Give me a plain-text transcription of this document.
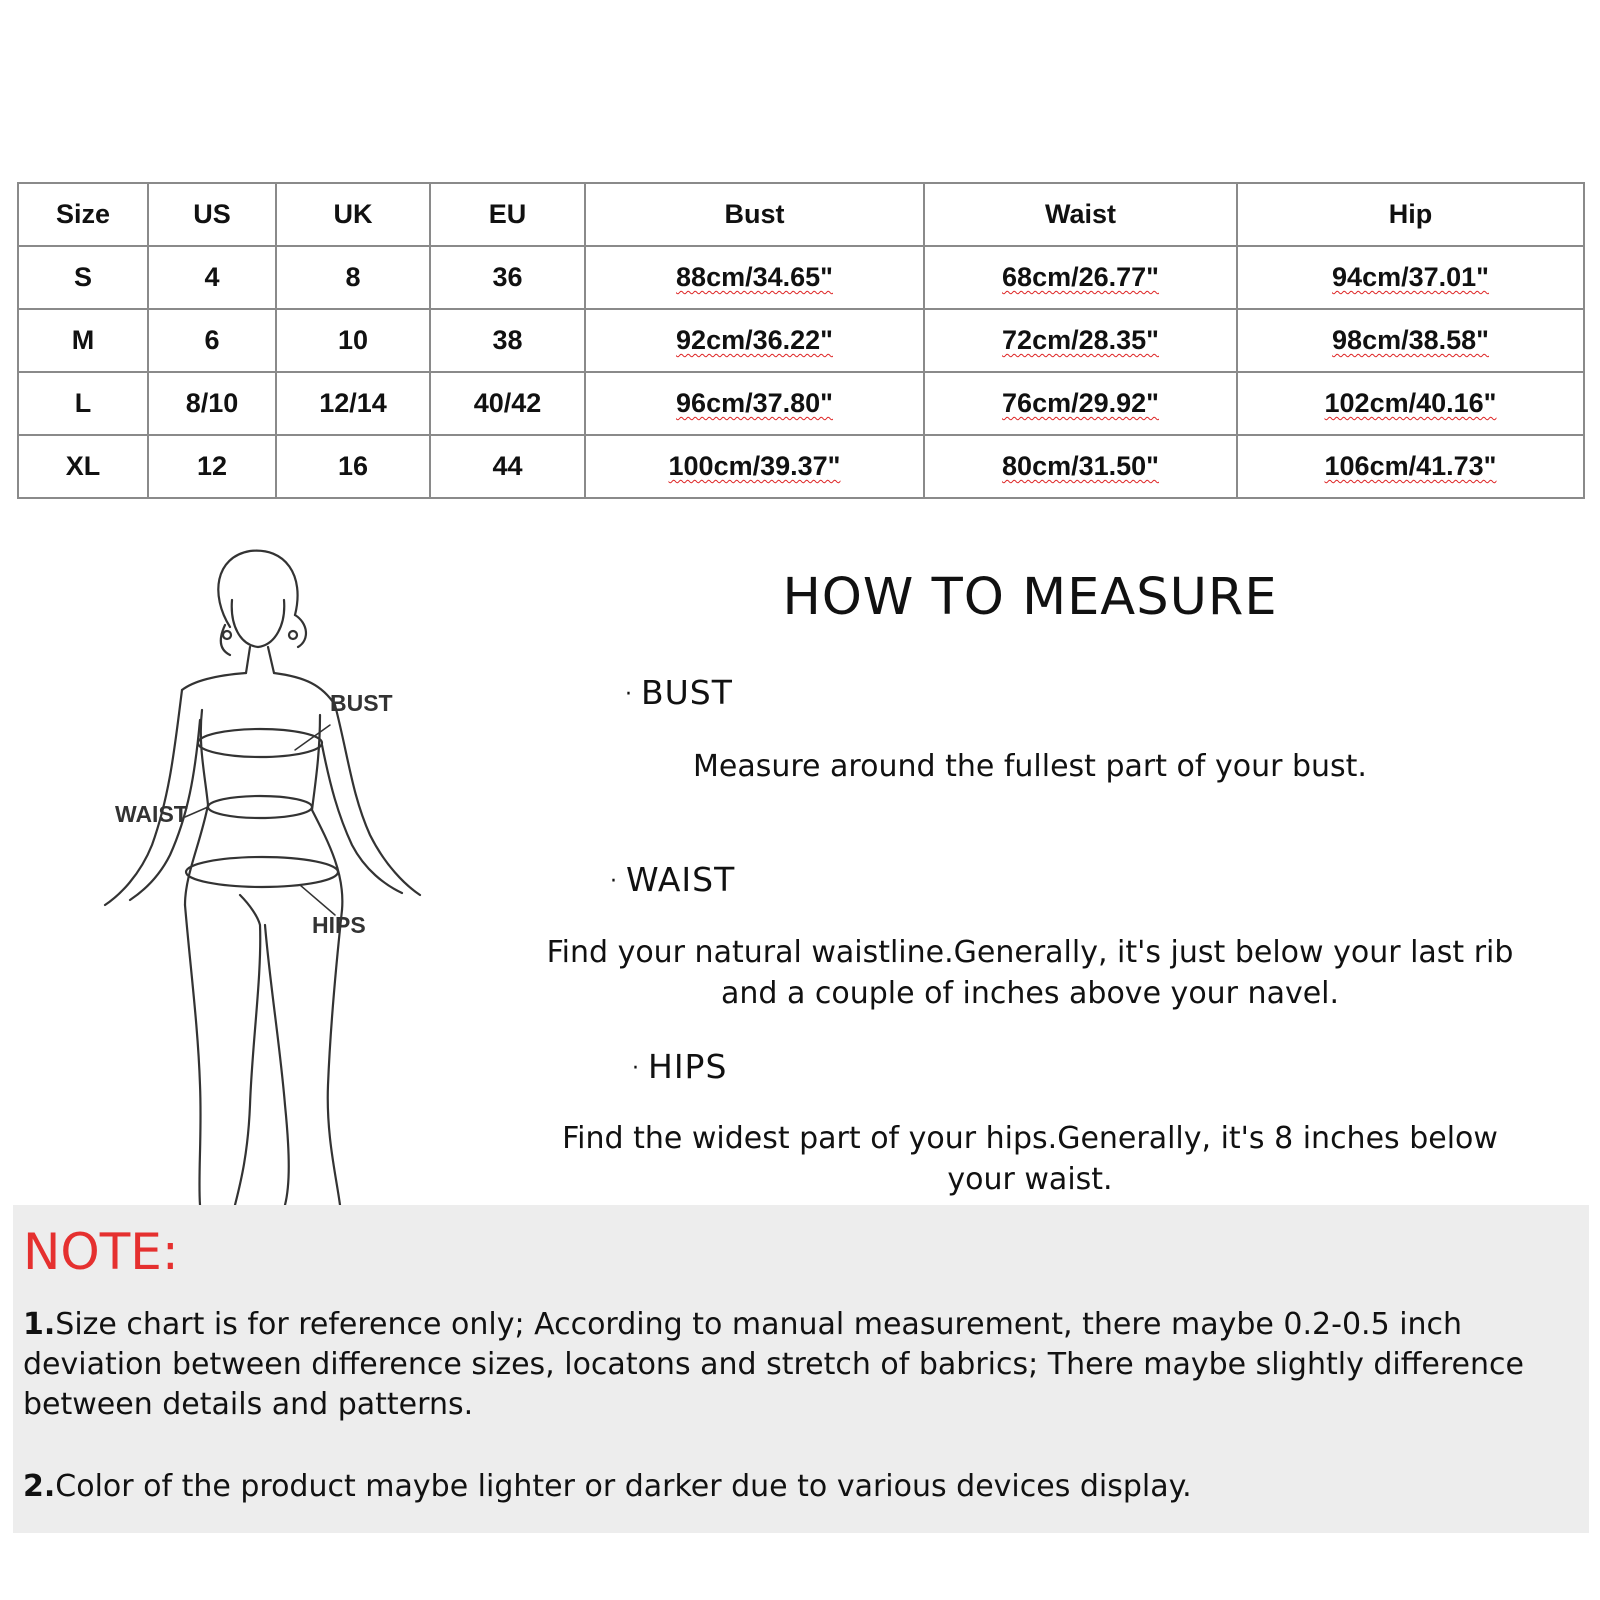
Size	US	UK	EU	Bust	Waist	Hip
S	4	8	36	88cm/34.65"	68cm/26.77"	94cm/37.01"
M	6	10	38	92cm/36.22"	72cm/28.35"	98cm/38.58"
L	8/10	12/14	40/42	96cm/37.80"	76cm/29.92"	102cm/40.16"
XL	12	16	44	100cm/39.37"	80cm/31.50"	106cm/41.73"
BUST
WAIST
HIPS
HOW TO MEASURE
· BUST

Measure around the fullest part of your bust.

· WAIST

Find your natural waistline.Generally, it's just below your last rib
and a couple of inches above your navel.

· HIPS

Find the widest part of your hips.Generally, it's 8 inches below
your waist.

NOTE:

1.Size chart is for reference only; According to manual measurement, there maybe 0.2-0.5 inch deviation between difference sizes, locatons and stretch of babrics; There maybe slightly difference between details and patterns.

2.Color of the product maybe lighter or darker due to various devices display.
